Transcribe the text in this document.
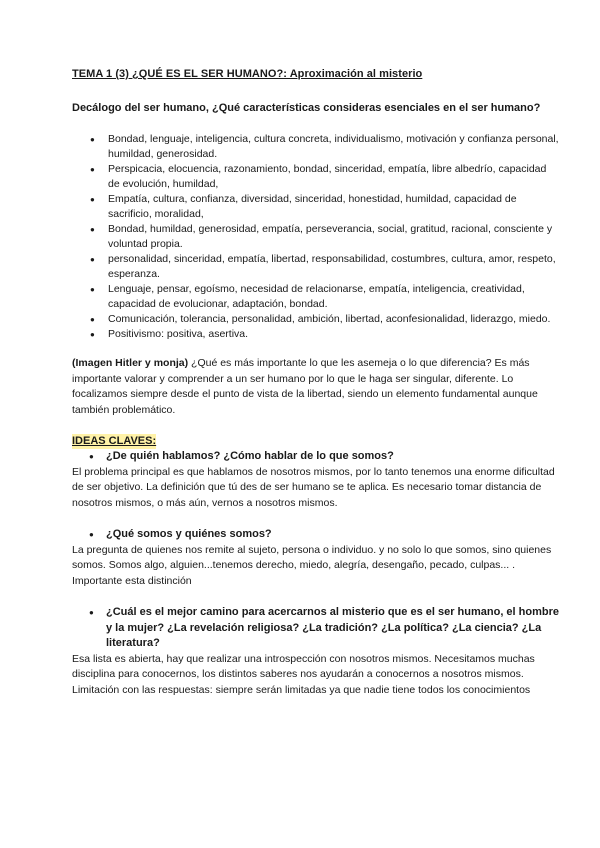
TEMA 1 (3) ¿QUÉ ES EL SER HUMANO?: Aproximación al misterio
Decálogo del ser humano, ¿Qué características consideras esenciales en el ser humano?
● Bondad, lenguaje, inteligencia, cultura concreta, individualismo, motivación y confianza personal, humildad, generosidad.
● Perspicacia, elocuencia, razonamiento, bondad, sinceridad, empatía, libre albedrío, capacidad de evolución, humildad,
● Empatía, cultura, confianza, diversidad, sinceridad, honestidad, humildad, capacidad de sacrificio, moralidad,
● Bondad, humildad, generosidad, empatía, perseverancia, social, gratitud, racional, consciente y voluntad propia.
● personalidad, sinceridad, empatía, libertad, responsabilidad, costumbres, cultura, amor, respeto, esperanza.
● Lenguaje, pensar, egoísmo, necesidad de relacionarse, empatía, inteligencia, creatividad, capacidad de evolucionar, adaptación, bondad.
● Comunicación, tolerancia, personalidad, ambición, libertad, aconfesionalidad, liderazgo, miedo.
● Positivismo: positiva, asertiva.

(Imagen Hitler y monja) ¿Qué es más importante lo que les asemeja o lo que diferencia? Es más importante valorar y comprender a un ser humano por lo que le haga ser singular, diferente. Lo focalizamos siempre desde el punto de vista de la libertad, siendo un elemento fundamental aunque también problemático.

IDEAS CLAVES:
● ¿De quién hablamos? ¿Cómo hablar de lo que somos?

El problema principal es que hablamos de nosotros mismos, por lo tanto tenemos una enorme dificultad de ser objetivo. La definición que tú des de ser humano se te aplica. Es necesario tomar distancia de nosotros mismos, o más aún, vernos a nosotros mismos.

● ¿Qué somos y quiénes somos?

La pregunta de quienes nos remite al sujeto, persona o individuo. y no solo lo que somos, sino quienes somos. Somos algo, alguien...tenemos derecho, miedo, alegría, desengaño, pecado, culpas... . Importante esta distinción

● ¿Cuál es el mejor camino para acercarnos al misterio que es el ser humano, el hombre y la mujer? ¿La revelación religiosa? ¿La tradición? ¿La política? ¿La ciencia? ¿La literatura?

Esa lista es abierta, hay que realizar una introspección con nosotros mismos. Necesitamos muchas disciplina para conocernos, los distintos saberes nos ayudarán a conocernos a nosotros mismos.

Limitación con las respuestas: siempre serán limitadas ya que nadie tiene todos los conocimientos
